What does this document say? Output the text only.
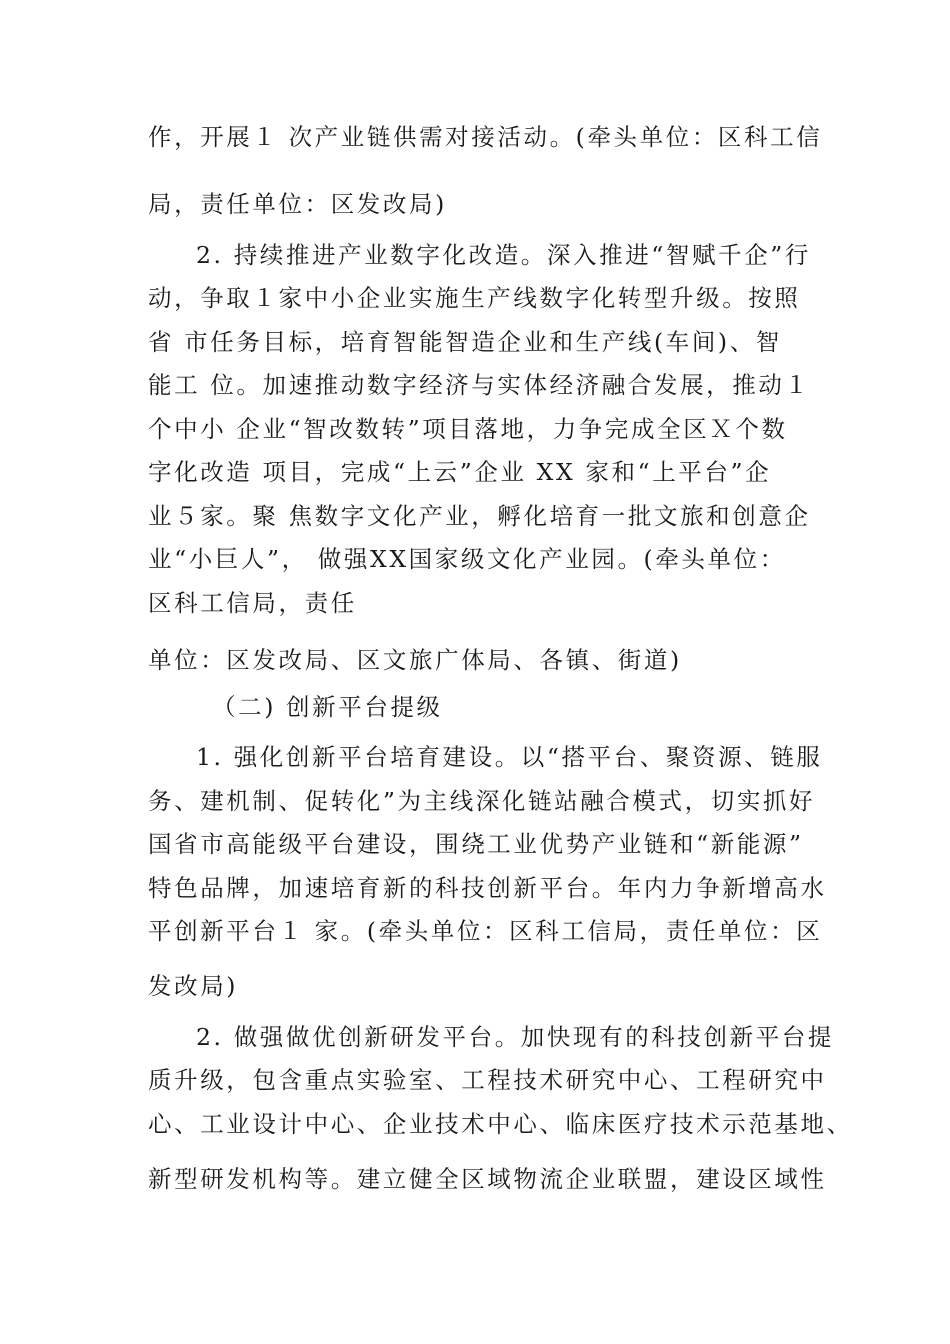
作，开展１ 次产业链供需对接活动。(牵头单位：区科工信
局，责任单位：区发改局)
2. 持续推进产业数字化改造。深入推进“智赋千企”行
动，争取１家中小企业实施生产线数字化转型升级。按照
省 市任务目标，培育智能智造企业和生产线(车间)、智
能工 位。加速推动数字经济与实体经济融合发展，推动１
个中小 企业“智改数转”项目落地，力争完成全区Ｘ个数
字化改造 项目，完成“上云”企业 XX 家和“上平台”企
业５家。聚 焦数字文化产业，孵化培育一批文旅和创意企
业“小巨人”， 做强XX国家级文化产业园。(牵头单位：
区科工信局，责任
单位：区发改局、区文旅广体局、各镇、街道)
（二) 创新平台提级
1. 强化创新平台培育建设。以“搭平台、聚资源、链服
务、建机制、促转化”为主线深化链站融合模式，切实抓好
国省市高能级平台建设，围绕工业优势产业链和“新能源”
特色品牌，加速培育新的科技创新平台。年内力争新增高水
平创新平台１ 家。(牵头单位：区科工信局，责任单位：区
发改局)
2. 做强做优创新研发平台。加快现有的科技创新平台提
质升级，包含重点实验室、工程技术研究中心、工程研究中
心、工业设计中心、企业技术中心、临床医疗技术示范基地、
新型研发机构等。建立健全区域物流企业联盟，建设区域性
